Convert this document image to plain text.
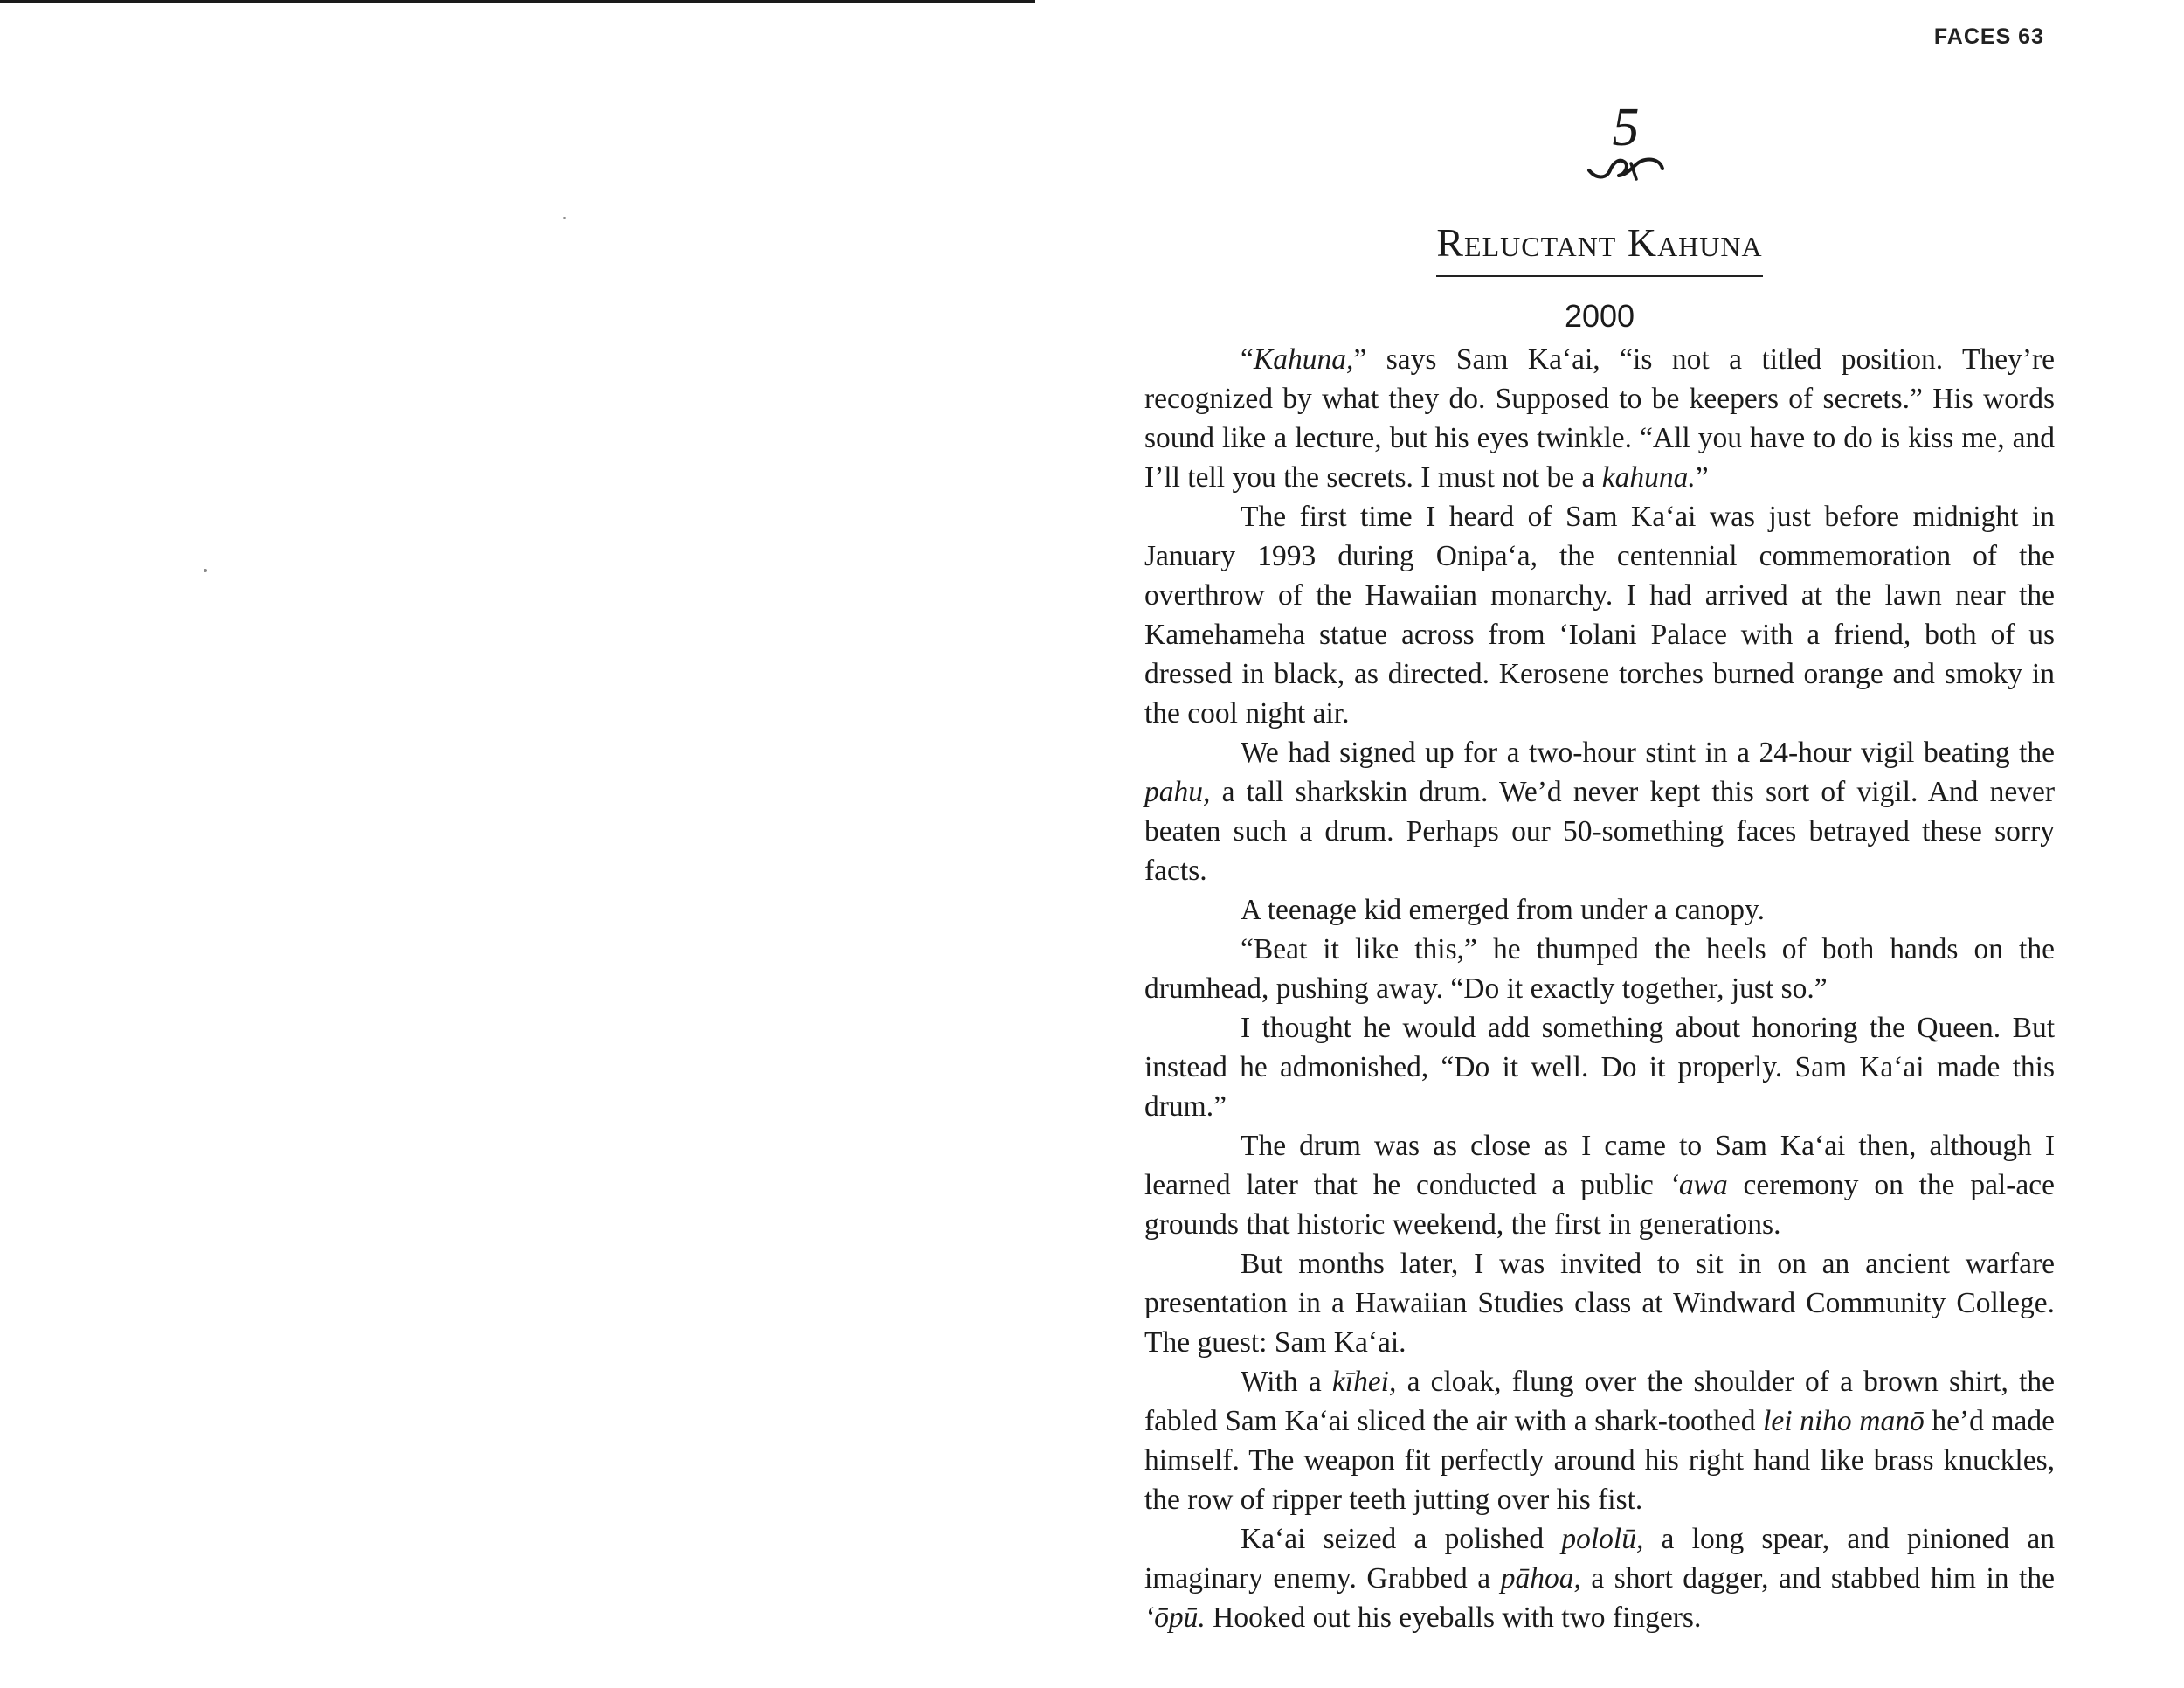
FACES 63
5
Reluctant Kahuna
2000

“Kahuna,” says Sam Ka‘ai, “is not a titled position. They’re recognized by what they do. Supposed to be keepers of secrets.” His words sound like a lecture, but his eyes twinkle. “All you have to do is kiss me, and I’ll tell you the secrets. I must not be a kahuna.”

The first time I heard of Sam Ka‘ai was just before midnight in January 1993 during Onipa‘a, the centennial commemoration of the overthrow of the Hawaiian monarchy. I had arrived at the lawn near the Kamehameha statue across from ‘Iolani Palace with a friend, both of us dressed in black, as directed. Kerosene torches burned orange and smoky in the cool night air.

We had signed up for a two-hour stint in a 24-hour vigil beating the pahu, a tall sharkskin drum. We’d never kept this sort of vigil. And never beaten such a drum. Perhaps our 50-something faces betrayed these sorry facts.

A teenage kid emerged from under a canopy.

“Beat it like this,” he thumped the heels of both hands on the drumhead, pushing away. “Do it exactly together, just so.”

I thought he would add something about honoring the Queen. But instead he admonished, “Do it well. Do it properly. Sam Ka‘ai made this drum.”

The drum was as close as I came to Sam Ka‘ai then, although I learned later that he conducted a public ‘awa ceremony on the pal-ace grounds that historic weekend, the first in generations.

But months later, I was invited to sit in on an ancient warfare presentation in a Hawaiian Studies class at Windward Community College. The guest: Sam Ka‘ai.

With a kīhei, a cloak, flung over the shoulder of a brown shirt, the fabled Sam Ka‘ai sliced the air with a shark-toothed lei niho manō he’d made himself. The weapon fit perfectly around his right hand like brass knuckles, the row of ripper teeth jutting over his fist.

Ka‘ai seized a polished pololū, a long spear, and pinioned an imaginary enemy. Grabbed a pāhoa, a short dagger, and stabbed him in the ‘ōpū. Hooked out his eyeballs with two fingers.
